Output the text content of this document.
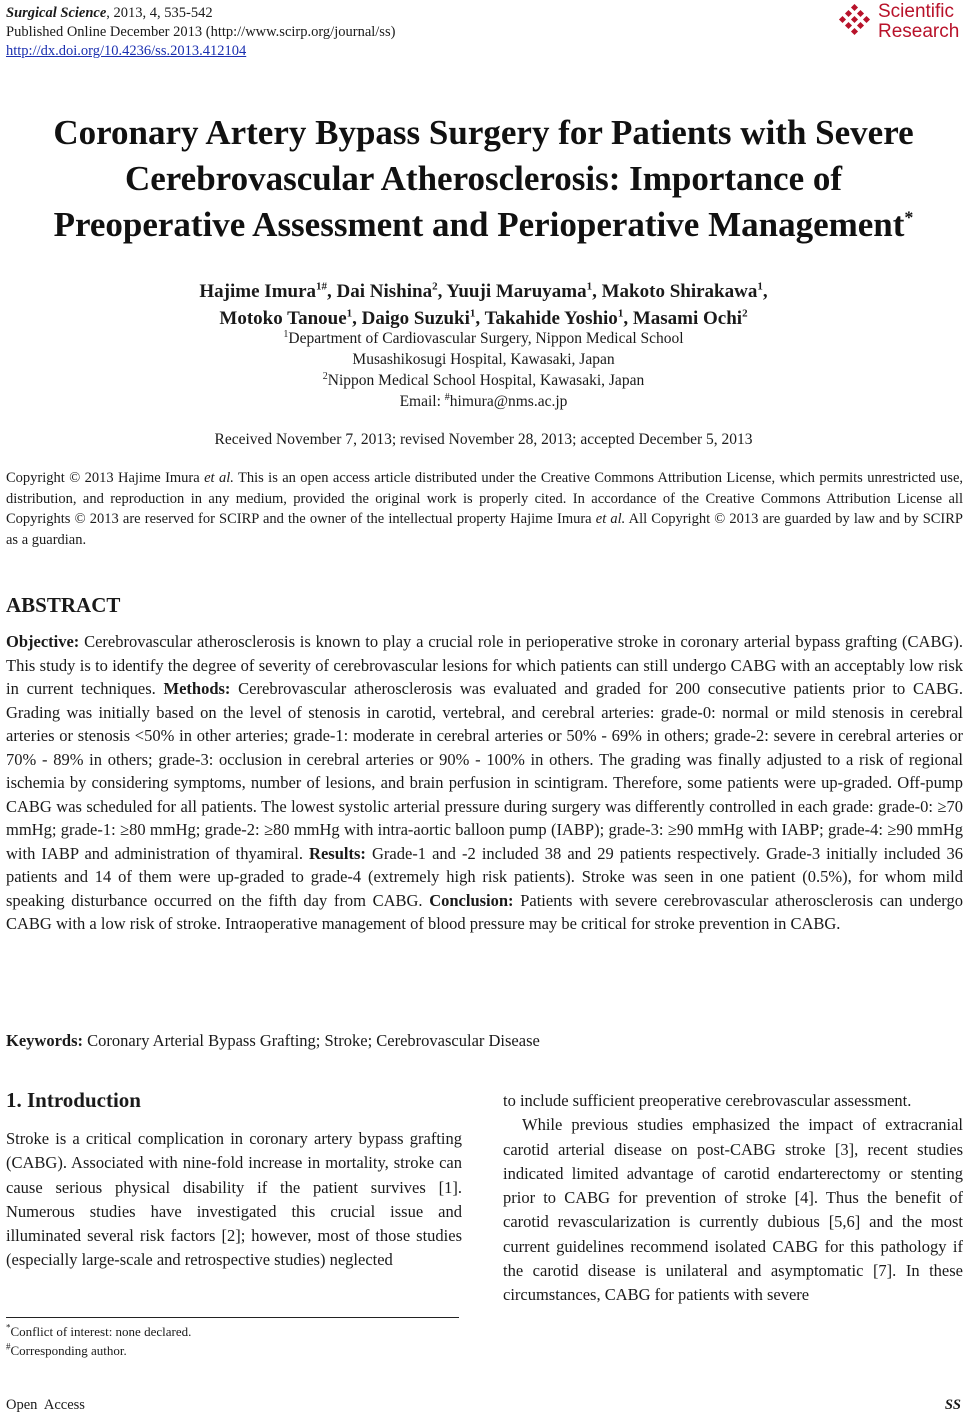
Surgical Science, 2013, 4, 535-542
Published Online December 2013 (http://www.scirp.org/journal/ss)
http://dx.doi.org/10.4236/ss.2013.412104
Scientific
Research
Coronary Artery Bypass Surgery for Patients with Severe
Cerebrovascular Atherosclerosis: Importance of
Preoperative Assessment and Perioperative Management*
Hajime Imura$^{1\#}$, Dai Nishina$^2$, Yuuji Maruyama$^1$, Makoto Shirakawa$^1$,
Motoko Tanoue$^1$, Daigo Suzuki$^1$, Takahide Yoshio$^1$, Masami Ochi$^2$
$^1$Department of Cardiovascular Surgery, Nippon Medical School
Musashikosugi Hospital, Kawasaki, Japan
$^2$Nippon Medical School Hospital, Kawasaki, Japan
Email: #himura@nms.ac.jp
Received November 7, 2013; revised November 28, 2013; accepted December 5, 2013
Copyright © 2013 Hajime Imura et al. This is an open access article distributed under the Creative Commons Attribution License, which permits unrestricted use, distribution, and reproduction in any medium, provided the original work is properly cited. In accordance of the Creative Commons Attribution License all Copyrights © 2013 are reserved for SCIRP and the owner of the intellectual property Hajime Imura et al. All Copyright © 2013 are guarded by law and by SCIRP as a guardian.
ABSTRACT
Objective: Cerebrovascular atherosclerosis is known to play a crucial role in perioperative stroke in coronary arterial bypass grafting (CABG). This study is to identify the degree of severity of cerebrovascular lesions for which patients can still undergo CABG with an acceptably low risk in current techniques. Methods: Cerebrovascular atherosclerosis was evaluated and graded for 200 consecutive patients prior to CABG. Grading was initially based on the level of stenosis in carotid, vertebral, and cerebral arteries: grade-0: normal or mild stenosis in cerebral arteries or stenosis <50% in other arteries; grade-1: moderate in cerebral arteries or 50% - 69% in others; grade-2: severe in cerebral arteries or 70% - 89% in others; grade-3: occlusion in cerebral arteries or 90% - 100% in others. The grading was finally adjusted to a risk of regional ischemia by considering symptoms, number of lesions, and brain perfusion in scintigram. Therefore, some patients were up-graded. Off-pump CABG was scheduled for all patients. The lowest systolic arterial pressure during surgery was differently controlled in each grade: grade-0: ≥70 mmHg; grade-1: ≥80 mmHg; grade-2: ≥80 mmHg with intra-aortic balloon pump (IABP); grade-3: ≥90 mmHg with IABP; grade-4: ≥90 mmHg with IABP and administration of thyamiral. Results: Grade-1 and -2 included 38 and 29 patients respectively. Grade-3 initially included 36 patients and 14 of them were up-graded to grade-4 (extremely high risk patients). Stroke was seen in one patient (0.5%), for whom mild speaking disturbance occurred on the fifth day from CABG. Conclusion: Patients with severe cerebrovascular atherosclerosis can undergo CABG with a low risk of stroke. Intraoperative management of blood pressure may be critical for stroke prevention in CABG.
Keywords: Coronary Arterial Bypass Grafting; Stroke; Cerebrovascular Disease
1. Introduction
Stroke is a critical complication in coronary artery bypass grafting (CABG). Associated with nine-fold increase in mortality, stroke can cause serious physical disability if the patient survives [1]. Numerous studies have investigated this crucial issue and illuminated several risk factors [2]; however, most of those studies (especially large-scale and retrospective studies) neglected
to include sufficient preoperative cerebrovascular assessment.
While previous studies emphasized the impact of extracranial carotid arterial disease on post-CABG stroke [3], recent studies indicated limited advantage of carotid endarterectomy or stenting prior to CABG for prevention of stroke [4]. Thus the benefit of carotid revascularization is currently dubious [5,6] and the most current guidelines recommend isolated CABG for this pathology if the carotid disease is unilateral and asymptomatic [7]. In these circumstances, CABG for patients with severe
*Conflict of interest: none declared.
#Corresponding author.
Open  Access	SS
